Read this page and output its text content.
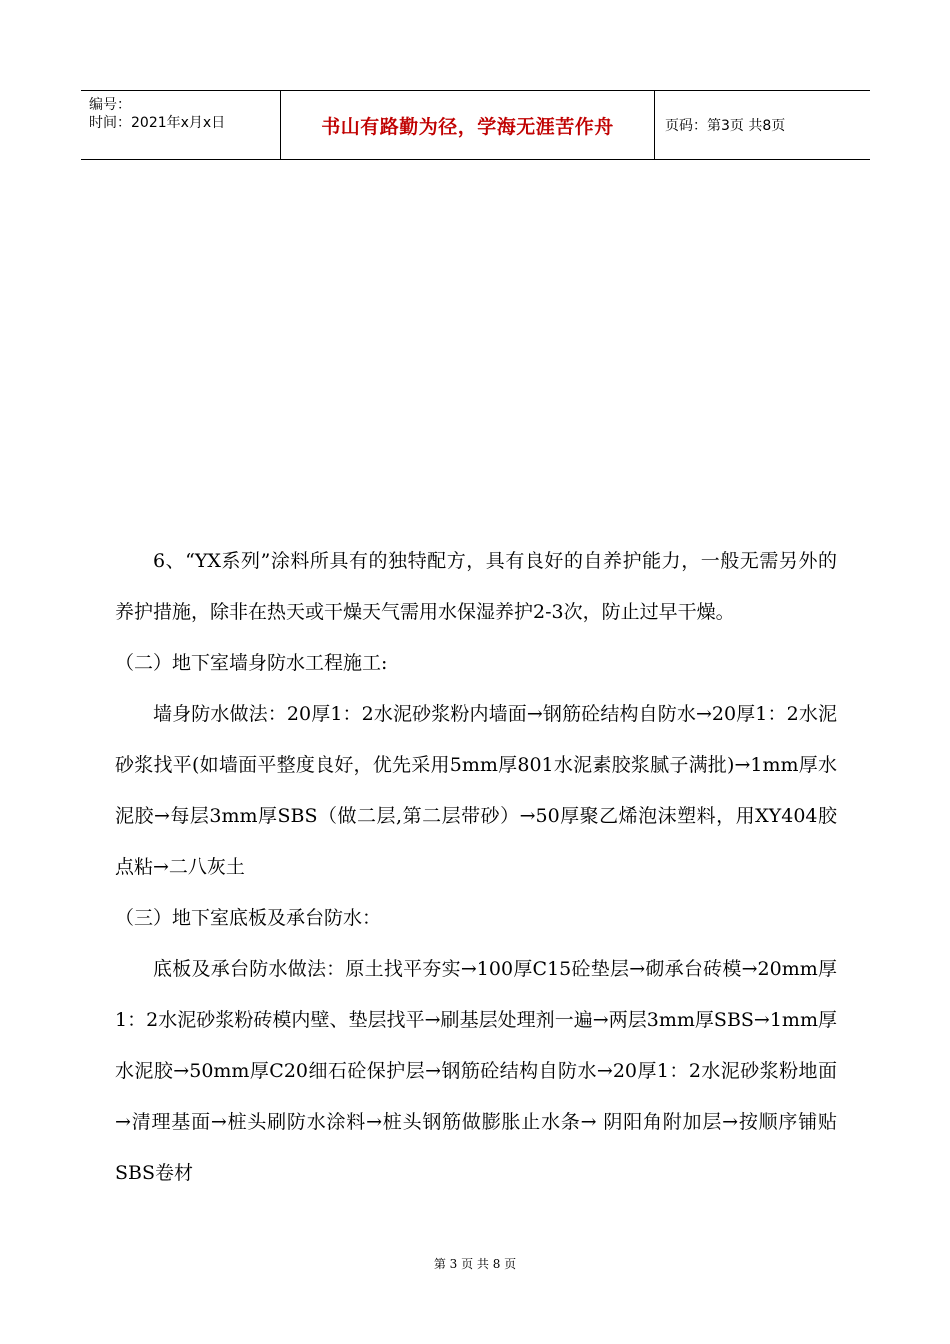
编号：
时间：2021年x月x日	书山有路勤为径，学海无涯苦作舟	页码：第3页 共8页

6、“YX系列”涂料所具有的独特配方，具有良好的自养护能力，一般无需另外的养护措施，除非在热天或干燥天气需用水保湿养护2-3次，防止过早干燥。

（二）地下室墙身防水工程施工:

墙身防水做法：20厚1：2水泥砂浆粉内墙面→钢筋砼结构自防水→20厚1：2水泥砂浆找平(如墙面平整度良好，优先采用5mm厚801水泥素胶浆腻子满批)→1mm厚水泥胶→每层3mm厚SBS（做二层,第二层带砂）→50厚聚乙烯泡沫塑料，用XY404胶点粘→二八灰土

（三）地下室底板及承台防水：

底板及承台防水做法：原土找平夯实→100厚C15砼垫层→砌承台砖模→20mm厚1：2水泥砂浆粉砖模内壁、垫层找平→刷基层处理剂一遍→两层3mm厚SBS→1mm厚水泥胶→50mm厚C20细石砼保护层→钢筋砼结构自防水→20厚1：2水泥砂浆粉地面→清理基面→桩头刷防水涂料→桩头钢筋做膨胀止水条→ 阴阳角附加层→按顺序铺贴SBS卷材

第 3 页 共 8 页
